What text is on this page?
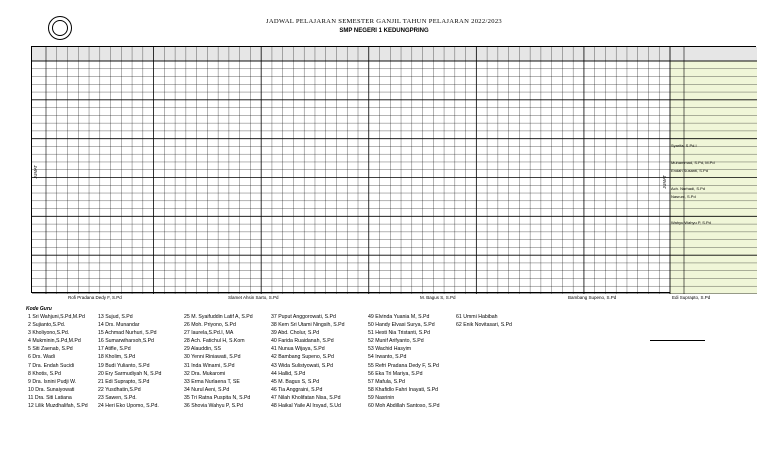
JADWAL PELAJARAN SEMESTER GANJIL TAHUN PELAJARAN 2022/2023
SMP NEGERI 1 KEDUNGPRING
JUMAT
JUMAT
Syarifa, S.Pd.I
Muhammad, S.Pd, M.Pd
Endah Susanti, S.Pd
Ach. Nurhadi, S.Pd
Nasruni, S.Pd
Wahyu Wahyu P, S.Pd
Rofi Pradana Dedy F, S.Pd	Slamet Ahsin Sarto, S.Pd	M. Bagus S, S.Pd	Bambang Supeno, S.Pd	Edi Suprapto, S.Pd
Kode Guru
1 Sri Wahjuni,S.Pd,M.Pd
2 Sujianto,S.Pd.
3 Kholiyono,S.Pd.
4 Mukminin,S.Pd,M.Pd
5 Siti Zaenab, S.Pd
6 Drs. Wadi
7 Dra. Endah Sucidi
8 Khotis, S.Pd
9 Dra. Isnini Pudji W.
10 Dra. Sunaiyowati
11 Dra. Siti Latiana
12 Lilik Muzdhalifah, S.Pd
13 Sujud, S.Pd
14 Drs. Munandar
15 Achmad Nurhuri, S.Pd
16 Sumarwiharsoh,S.Pd
17 Atifle, S.Pd
18 Kholim, S.Pd
19 Budi Yulianto, S.Pd
20 Ery Sarmudiyah N, S.Pd
21 Edi Suprapto, S.Pd
22 Yusdhatin,S.Pd
23 Sawen, S.Pd.
24 Heri Eko Upomo, S.Pd.
25 M. Syaifuddin Latif A, S.Pd
26 Moh. Priyono, S.Pd
27 Iaurela,S.Pd.I, MA
28 Ach. Fatichul H, S.Kom
29 Alauddin, SS
30 Yenni Riniawati, S.Pd
31 Inda Winarni, S.Pd
32 Dra. Mukaromi
33 Erma Nurlaena T, SE
34 Nurul Aeni, S.Pd
35 Tri Ratna Puspita N, S.Pd
36 Shovia Wahyu P, S.Pd
37 Puput Anggorowati, S.Pd
38 Kem Sri Utami Ningsih, S.Pd
39 Abd. Cholur, S.Pd
40 Farida Ruaidanah, S.Pd
41 Nunua Wijaya, S.Pd
42 Bambang Supeno, S.Pd
43 Wida Sulistyowati, S.Pd
44 Hallid, S.Pd
45 M. Bagus S, S.Pd
46 Tia Anggraini, S.Pd
47 Nilah Kholifatan Nisa, S.Pd
48 Haikal Yaile Al Irsyad, S.Ud
49 Elvinda Yuania M, S.Pd
50 Handy Elvasi Surya, S.Pd
51 Hesti Nia Tristanti, S.Pd
52 Munif Arifyanto, S.Pd
53 Wachid Hasyim
54 Irwanto, S.Pd
55 Refri Pradana Dedy F, S.Pd
56 Eka Tri Mariya, S.Pd
57 Mafula, S.Pd
58 Khafidlo Fahri Inayati, S.Pd
59 Nasrinin
60 Moh Abdillah Santoso, S.Pd
61 Ummi Habibah
62 Enik Novitasari, S.Pd
